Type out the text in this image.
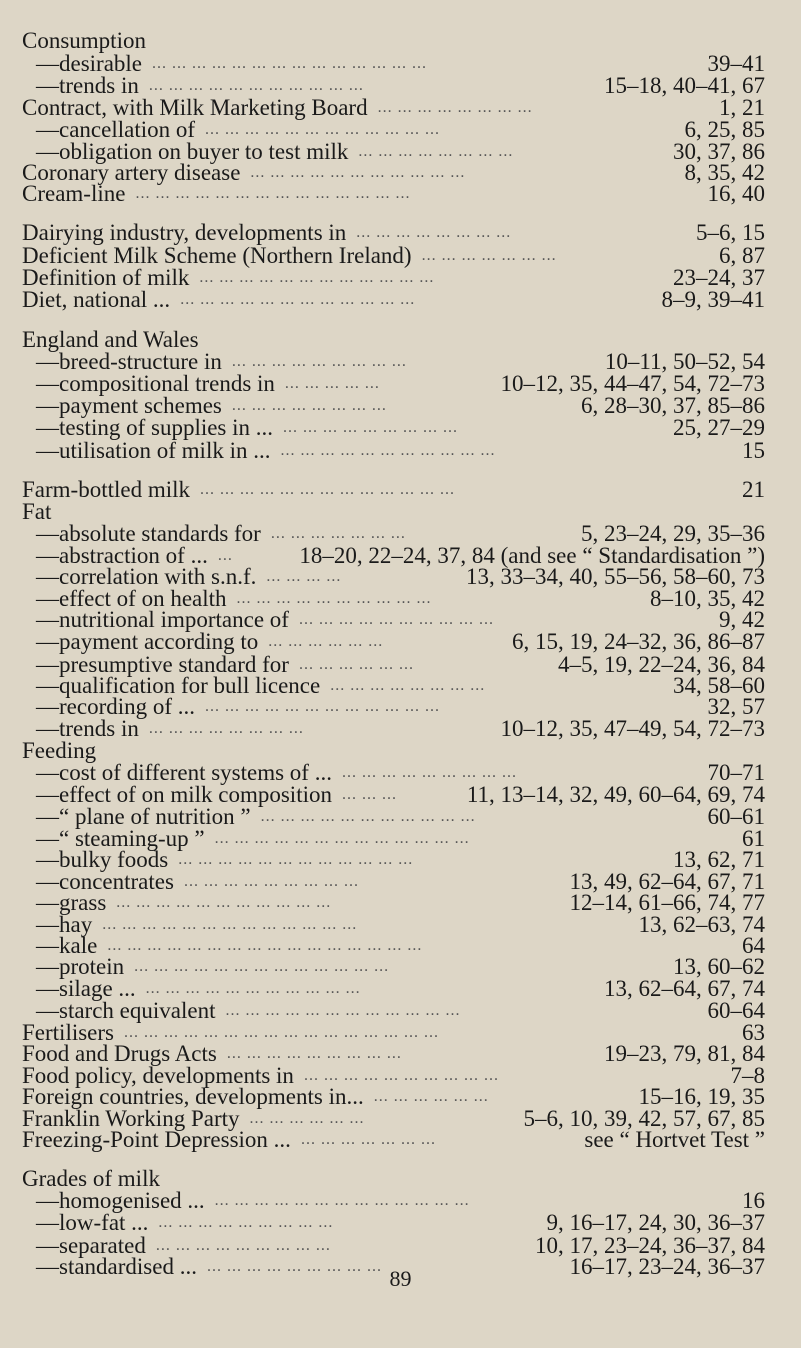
Consumption
—desirable ... ... ... ... ... ... ... ... ... ... ... ... ... ...	39–41
—trends in ... ... ... ... ... ... ... ... ... ... ...	15–18, 40–41, 67
Contract, with Milk Marketing Board ... ... ... ... ... ... ... ...	1, 21
—cancellation of ... ... ... ... ... ... ... ... ... ... ... ...	6, 25, 85
—obligation on buyer to test milk ... ... ... ... ... ... ... ...	30, 37, 86
Coronary artery disease ... ... ... ... ... ... ... ... ... ... ...	8, 35, 42
Cream-line ... ... ... ... ... ... ... ... ... ... ... ... ... ...	16, 40
Dairying industry, developments in ... ... ... ... ... ... ... ...	5–6, 15
Deficient Milk Scheme (Northern Ireland) ... ... ... ... ... ... ...	6, 87
Definition of milk ... ... ... ... ... ... ... ... ... ... ... ...	23–24, 37
Diet, national ... ... ... ... ... ... ... ... ... ... ... ... ...	8–9, 39–41
England and Wales
—breed-structure in ... ... ... ... ... ... ... ... ...	10–11, 50–52, 54
—compositional trends in ... ... ... ... ...	10–12, 35, 44–47, 54, 72–73
—payment schemes ... ... ... ... ... ... ... ...	6, 28–30, 37, 85–86
—testing of supplies in ... ... ... ... ... ... ... ... ... ...	25, 27–29
—utilisation of milk in ... ... ... ... ... ... ... ... ... ... ... ...	15
Farm-bottled milk ... ... ... ... ... ... ... ... ... ... ... ... ...	21
Fat
—absolute standards for ... ... ... ... ... ... ...	5, 23–24, 29, 35–36
—abstraction of ... ...	18–20, 22–24, 37, 84 (and see “ Standardisation ”)
—correlation with s.n.f. ... ... ... ...	13, 33–34, 40, 55–56, 58–60, 73
—effect of on health ... ... ... ... ... ... ... ... ... ...	8–10, 35, 42
—nutritional importance of ... ... ... ... ... ... ... ... ... ...	9, 42
—payment according to ... ... ... ... ... ...	6, 15, 19, 24–32, 36, 86–87
—presumptive standard for ... ... ... ... ... ...	4–5, 19, 22–24, 36, 84
—qualification for bull licence ... ... ... ... ... ... ... ...	34, 58–60
—recording of ... ... ... ... ... ... ... ... ... ... ... ... ...	32, 57
—trends in ... ... ... ... ... ... ... ...	10–12, 35, 47–49, 54, 72–73
Feeding
—cost of different systems of ... ... ... ... ... ... ... ... ... ...	70–71
—effect of on milk composition ... ... ...	11, 13–14, 32, 49, 60–64, 69, 74
—“ plane of nutrition ” ... ... ... ... ... ... ... ... ... ... ...	60–61
—“ steaming-up ” ... ... ... ... ... ... ... ... ... ... ... ... ...	61
—bulky foods ... ... ... ... ... ... ... ... ... ... ... ...	13, 62, 71
—concentrates ... ... ... ... ... ... ... ... ...	13, 49, 62–64, 67, 71
—grass ... ... ... ... ... ... ... ... ... ... ...	12–14, 61–66, 74, 77
—hay ... ... ... ... ... ... ... ... ... ... ... ... ...	13, 62–63, 74
—kale ... ... ... ... ... ... ... ... ... ... ... ... ... ... ... ...	64
—protein ... ... ... ... ... ... ... ... ... ... ... ... ...	13, 60–62
—silage ... ... ... ... ... ... ... ... ... ... ... ...	13, 62–64, 67, 74
—starch equivalent ... ... ... ... ... ... ... ... ... ... ... ...	60–64
Fertilisers ... ... ... ... ... ... ... ... ... ... ... ... ... ... ... ...	63
Food and Drugs Acts ... ... ... ... ... ... ... ... ...	19–23, 79, 81, 84
Food policy, developments in ... ... ... ... ... ... ... ... ... ...	7–8
Foreign countries, developments in... ... ... ... ... ... ...	15–16, 19, 35
Franklin Working Party ... ... ... ... ... ...	5–6, 10, 39, 42, 57, 67, 85
Freezing-Point Depression ... ... ... ... ... ... ... ...	see “ Hortvet Test ”
Grades of milk
—homogenised ... ... ... ... ... ... ... ... ... ... ... ... ... ...	16
—low-fat ... ... ... ... ... ... ... ... ... ...	9, 16–17, 24, 30, 36–37
—separated ... ... ... ... ... ... ... ... ...	10, 17, 23–24, 36–37, 84
—standardised ... ... ... ... ... ... ... ... ... ...	16–17, 23–24, 36–37
89
